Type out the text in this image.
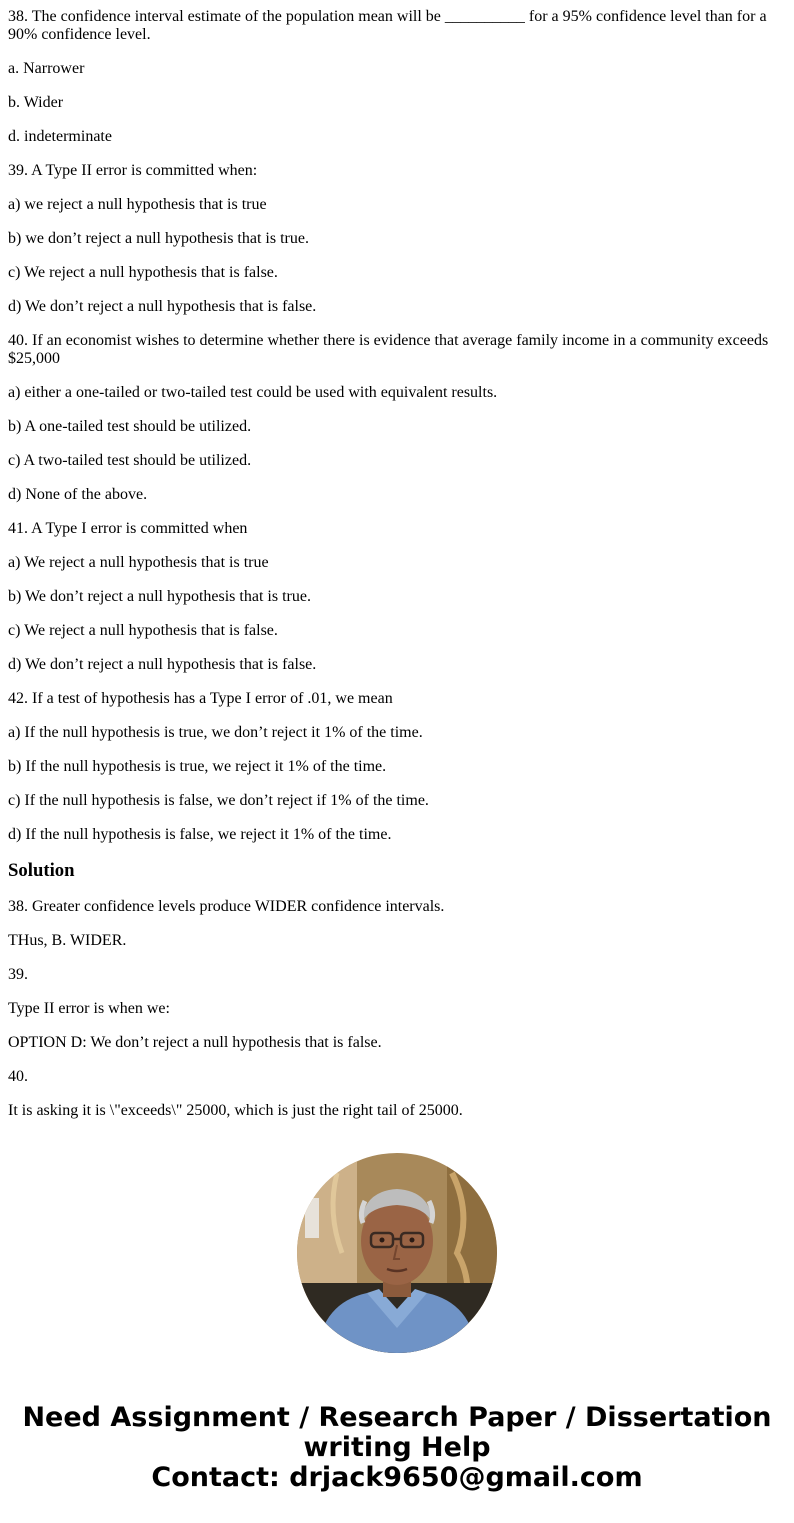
38. The confidence interval estimate of the population mean will be __________ for a 95% confidence level than for a 90% confidence level.

a. Narrower

b. Wider

d. indeterminate

39. A Type II error is committed when:

a) we reject a null hypothesis that is true

b) we don’t reject a null hypothesis that is true.

c) We reject a null hypothesis that is false.

d) We don’t reject a null hypothesis that is false.

40. If an economist wishes to determine whether there is evidence that average family income in a community exceeds $25,000

a) either a one-tailed or two-tailed test could be used with equivalent results.

b) A one-tailed test should be utilized.

c) A two-tailed test should be utilized.

d) None of the above.

41. A Type I error is committed when

a) We reject a null hypothesis that is true

b) We don’t reject a null hypothesis that is true.

c) We reject a null hypothesis that is false.

d) We don’t reject a null hypothesis that is false.

42. If a test of hypothesis has a Type I error of .01, we mean

a) If the null hypothesis is true, we don’t reject it 1% of the time.

b) If the null hypothesis is true, we reject it 1% of the time.

c) If the null hypothesis is false, we don’t reject if 1% of the time.

d) If the null hypothesis is false, we reject it 1% of the time.

Solution

38. Greater confidence levels produce WIDER confidence intervals.

THus, B. WIDER.

39.

Type II error is when we:

OPTION D: We don’t reject a null hypothesis that is false.

40.

It is asking it is \"exceeds\" 25000, which is just the right tail of 25000.

Need Assignment / Research Paper / Dissertation
writing Help
Contact: drjack9650@gmail.com
